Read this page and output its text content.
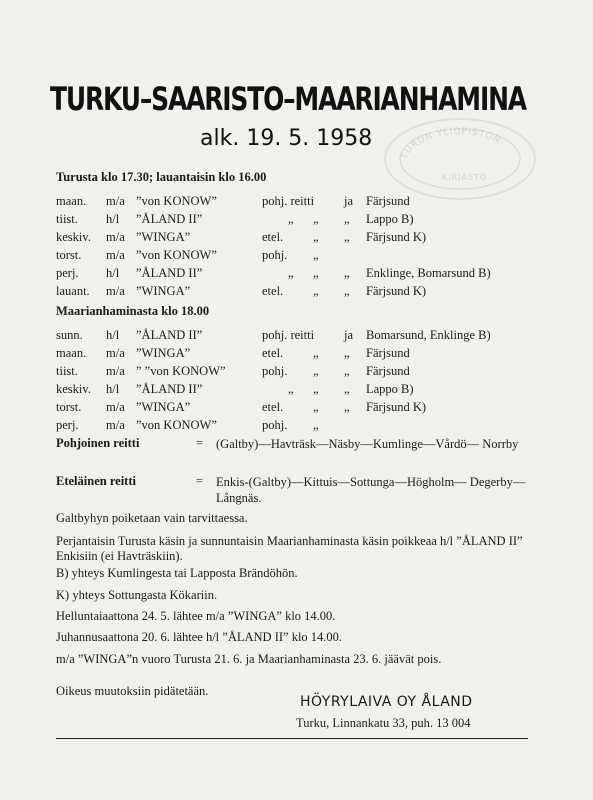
TURKU–SAARISTO–MAARIANHAMINA
alk. 19. 5. 1958
TURUN YLIOPISTON
KIRJASTO
Turusta klo 17.30; lauantaisin klo 16.00
maan. m/a ”von KONOW”	pohj. reitti ja Färjsund
tiist. h/l ”ÅLAND II”	„ „ „ Lappo B)
keskiv. m/a ”WINGA”	etel. „ „ Färjsund K)
torst. m/a ”von KONOW”	pohj. „
perj. h/l ”ÅLAND II”	„ „ „ Enklinge, Bomarsund B)
lauant. m/a ”WINGA”	etel. „ „ Färjsund K)
Maarianhaminasta klo 18.00
sunn. h/l ”ÅLAND II”	pohj. reitti ja Bomarsund, Enklinge B)
maan. m/a ”WINGA”	etel. „ „ Färjsund
tiist. m/a ” ”von KONOW”	pohj. „ „ Färjsund
keskiv. h/l ”ÅLAND II”	„ „ „ Lappo B)
torst. m/a ”WINGA”	etel. „ „ Färjsund K)
perj. m/a ”von KONOW”	pohj. „
Pohjoinen reitti	= (Galtby)—Havträsk—Näsby—Kumlinge—Vårdö— Norrby
Eteläinen reitti	= Enkis-(Galtby)—Kittuis—Sottunga—Högholm— Degerby—Långnäs.
Galtbyhyn poiketaan vain tarvittaessa.
Perjantaisin Turusta käsin ja sunnuntaisin Maarianhaminasta käsin poikkeaa h/l ”ÅLAND II” Enkisiin (ei Havträskiin).
B) yhteys Kumlingesta tai Lapposta Brändöhön.
K) yhteys Sottungasta Kökariin.
Helluntaiaattona 24. 5. lähtee m/a ”WINGA” klo 14.00.
Juhannusaattona 20. 6. lähtee h/l ”ÅLAND II” klo 14.00.
m/a ”WINGA”n vuoro Turusta 21. 6. ja Maarianhaminasta 23. 6. jäävät pois.
Oikeus muutoksiin pidätetään.
HÖYRYLAIVA OY ÅLAND
Turku, Linnankatu 33, puh. 13 004
